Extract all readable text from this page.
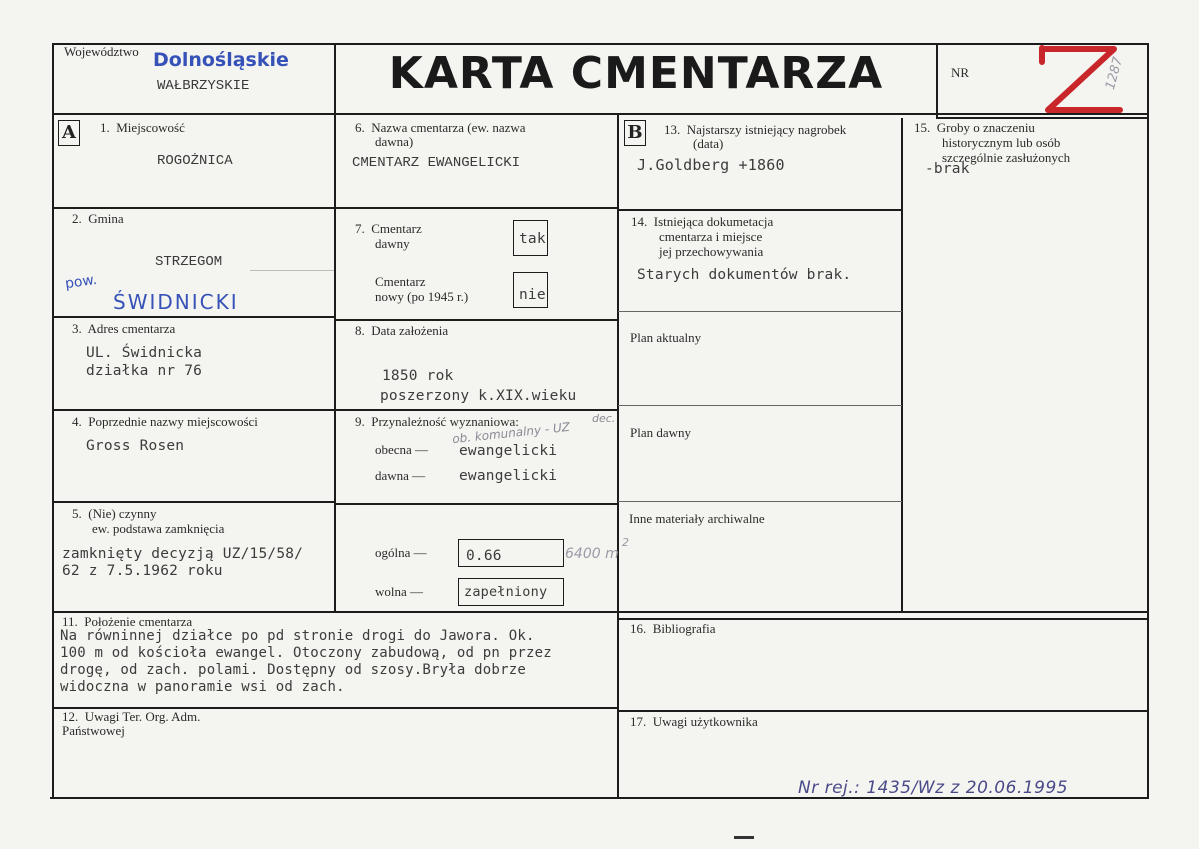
Województwo Dolnośląskie
WAŁBRZYSKIE	KARTA CMENTARZA	NR	1287
A	B
1.  Miejscowość
ROGOŻNICA
2.  Gmina
STRZEGOM
pow.
ŚWIDNICKI
3.  Adres cmentarza
UL. Świdnicka
działka nr 76
4.  Poprzednie nazwy miejscowości
Gross Rosen
5.  (Nie) czynny
ew. podstawa zamknięcia
zamknięty decyzją UZ/15/58/
62 z 7.5.1962 roku
6.  Nazwa cmentarza (ew. nazwa
dawna)
CMENTARZ EWANGELICKI
7.  Cmentarz
dawny	tak
Cmentarz
nowy (po 1945 r.)	nie
8.  Data założenia
1850 rok
poszerzony k.XIX.wieku
9.  Przynależność wyznaniowa:
obecna — ewangelicki
dawna — ewangelicki
ob. komunalny - UZ
dec.
ogólna —	0.66	6400 m
2
wolna —	zapełniony
11.  Położenie cmentarza
Na równinnej działce po pd stronie drogi do Jawora. Ok.
100 m od kościoła ewangel. Otoczony zabudową, od pn przez
drogę, od zach. polami. Dostępny od szosy.Bryła dobrze
widoczna w panoramie wsi od zach.
12.  Uwagi Ter. Org. Adm.
Państwowej
13.  Najstarszy istniejący nagrobek
(data)
J.Goldberg +1860
14.  Istniejąca dokumetacja
cmentarza i miejsce
jej przechowywania
Starych dokumentów brak.
Plan aktualny
Plan dawny
Inne materiały archiwalne
15.  Groby o znaczeniu
historycznym lub osób
szczególnie zasłużonych
-brak
16.  Bibliografia
17.  Uwagi użytkownika
Nr rej.: 1435/Wz z 20.06.1995
